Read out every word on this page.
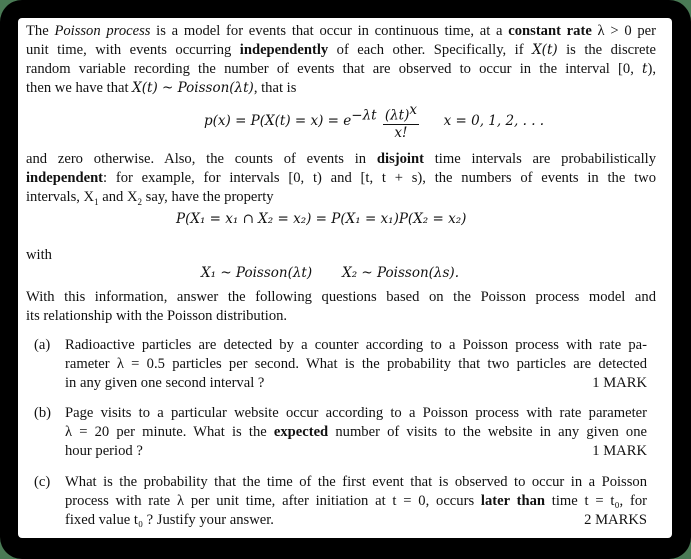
The Poisson process is a model for events that occur in continuous time, at a constant rate λ > 0 per
unit time, with events occurring independently of each other. Specifically, if X(t) is the discrete
random variable recording the number of events that are observed to occur in the interval [0, t),
then we have that X(t) ~ Poisson(λt), that is
$p(x) = P(X(t) = x) = e^{-\lambda t} \frac{(\lambda t)^x}{x!}$ x = 0, 1, 2, . . .
and zero otherwise. Also, the counts of events in disjoint time intervals are probabilistically
independent: for example, for intervals [0, t) and [t, t + s), the numbers of events in the two
intervals, $X_1$ and $X_2$ say, have the property
P(X₁ = x₁ ∩ X₂ = x₂) = P(X₁ = x₁)P(X₂ = x₂)
with
X₁ ~ Poisson(λt) X₂ ~ Poisson(λs).
With this information, answer the following questions based on the Poisson process model and
its relationship with the Poisson distribution.
(a) Radioactive particles are detected by a counter according to a Poisson process with rate pa-
rameter λ = 0.5 particles per second. What is the probability that two particles are detected
in any given one second interval ?	1 MARK
(b) Page visits to a particular website occur according to a Poisson process with rate parameter
λ = 20 per minute. What is the expected number of visits to the website in any given one
hour period ?	1 MARK
(c) What is the probability that the time of the first event that is observed to occur in a Poisson
process with rate λ per unit time, after initiation at t = 0, occurs later than time t = t₀, for
fixed value t₀ ? Justify your answer.	2 MARKS
